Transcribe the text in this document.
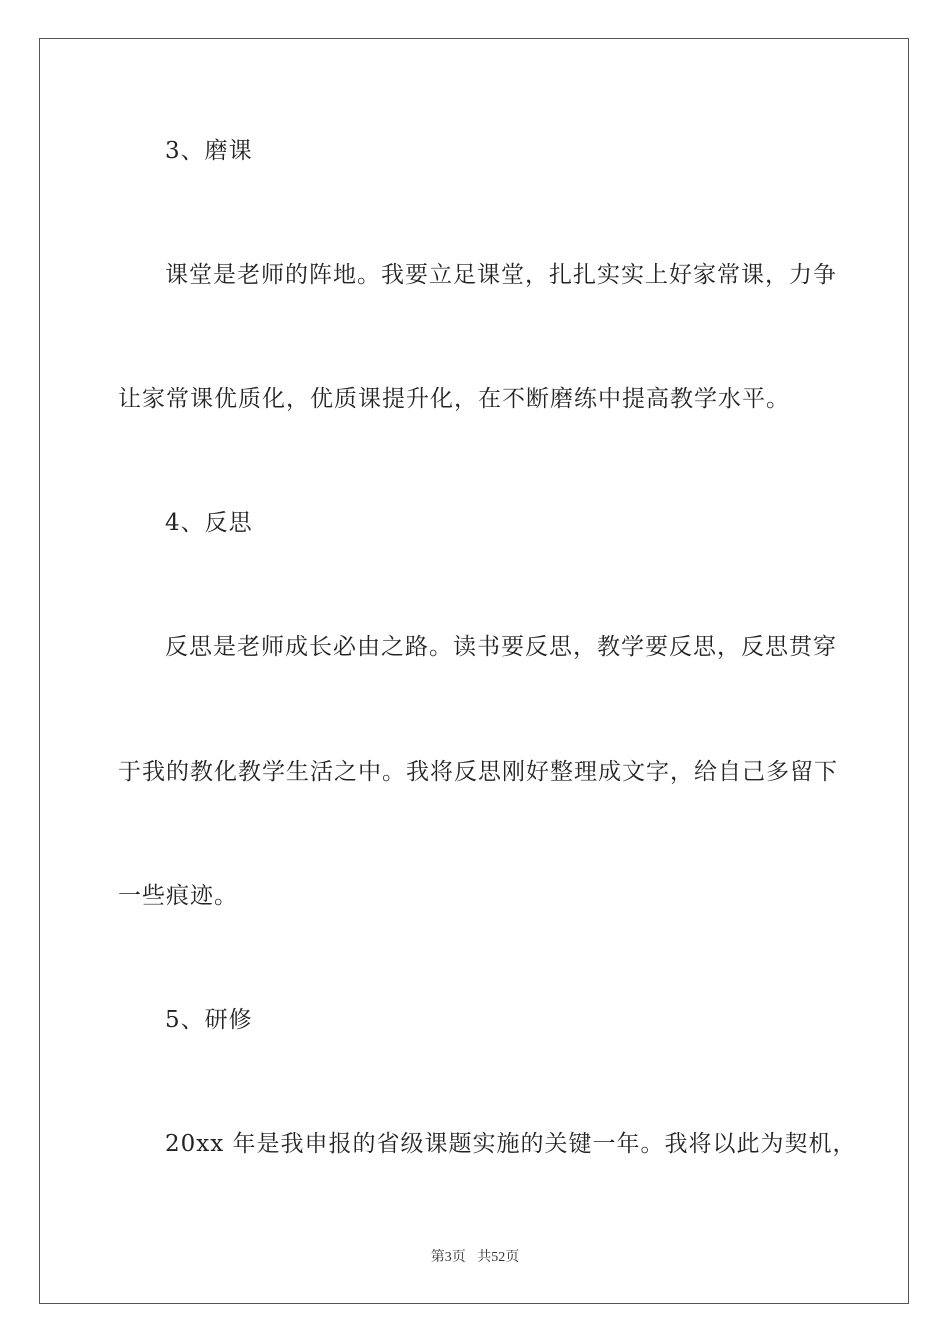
3、磨课
课堂是老师的阵地。我要立足课堂，扎扎实实上好家常课，力争
让家常课优质化，优质课提升化，在不断磨练中提高教学水平。
4、反思
反思是老师成长必由之路。读书要反思，教学要反思，反思贯穿
于我的教化教学生活之中。我将反思刚好整理成文字，给自己多留下
一些痕迹。
5、研修
20xx 年是我申报的省级课题实施的关键一年。我将以此为契机，
第3页 共52页
